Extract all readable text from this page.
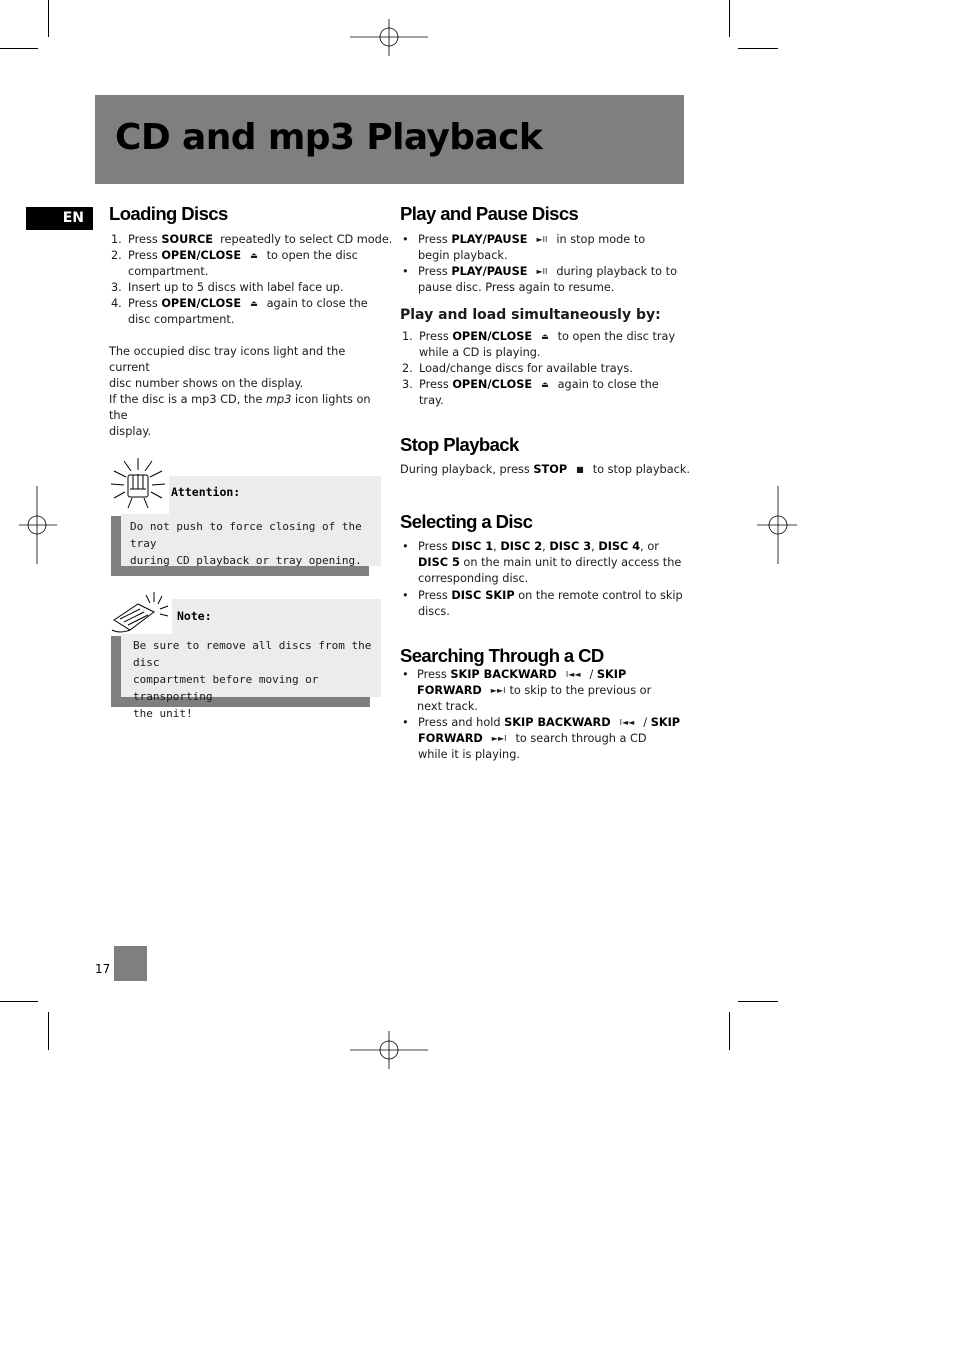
CD and mp3 Playback
EN	Loading Discs
1. Press SOURCE  repeatedly to select CD mode.
2. Press OPEN/CLOSE ⏏ to open the disc
compartment.
3. Insert up to 5 discs with label face up.
4. Press OPEN/CLOSE ⏏ again to close the
disc compartment.

The occupied disc tray icons light and the current
disc number shows on the display.

If the disc is a mp3 CD, the mp3 icon lights on the
display.

Attention:

Do not push to force closing of the tray
during CD playback or tray opening.

Note:

Be sure to remove all discs from the disc
compartment before moving or transporting
the unit!

Play and Pause Discs
• Press PLAY/PAUSE ►II in stop mode to
begin playback.
• Press PLAY/PAUSE ►II during playback to to
pause disc. Press again to resume.
Play and load simultaneously by:
1. Press OPEN/CLOSE ⏏ to open the disc tray
while a CD is playing.
2. Load/change discs for available trays.
3. Press OPEN/CLOSE ⏏ again to close the
tray.
Stop Playback

During playback, press STOP ■ to stop playback.

Selecting a Disc
• Press DISC 1, DISC 2, DISC 3, DISC 4, or
DISC 5 on the main unit to directly access the
corresponding disc.
• Press DISC SKIP on the remote control to skip
discs.
Searching Through a CD
• Press SKIP BACKWARD I◄◄ / SKIP
FORWARD ►►I to skip to the previous or
next track.
• Press and hold SKIP BACKWARD I◄◄ / SKIP
FORWARD ►►I to search through a CD
while it is playing.
17
